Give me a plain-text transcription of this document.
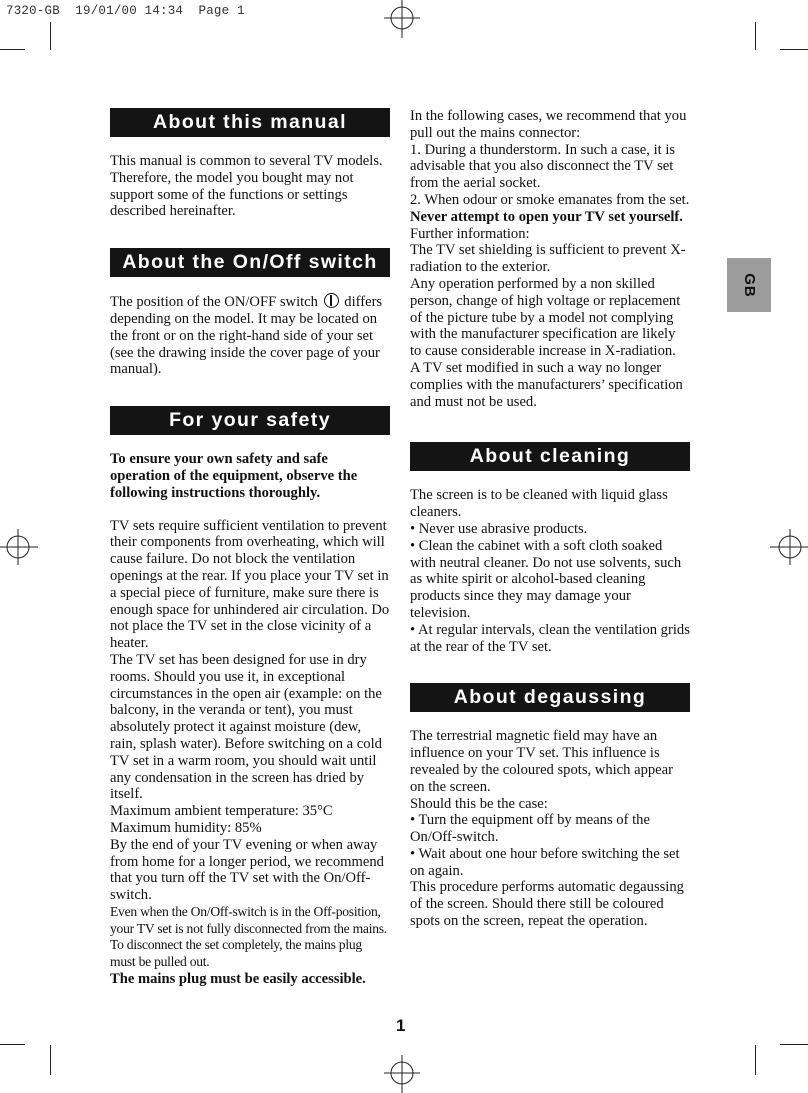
7320-GB  19/01/00 14:34  Page 1
GB
About this manual

This manual is common to several TV models. Therefore, the model you bought may not support some of the functions or settings described hereinafter.

About the On/Off switch

The position of the ON/OFF switch differs depending on the model. It may be located on the front or on the right-hand side of your set (see the drawing inside the cover page of your manual).

For your safety

To ensure your own safety and safe operation of the equipment, observe the following instructions thoroughly.

TV sets require sufficient ventilation to prevent their components from overheating, which will cause failure. Do not block the ventilation openings at the rear. If you place your TV set in a special piece of furniture, make sure there is enough space for unhindered air circulation. Do not place the TV set in the close vicinity of a heater.

The TV set has been designed for use in dry rooms. Should you use it, in exceptional circumstances in the open air (example: on the balcony, in the veranda or tent), you must absolutely protect it against moisture (dew, rain, splash water). Before switching on a cold TV set in a warm room, you should wait until any condensation in the screen has dried by itself.

Maximum ambient temperature: 35°C

Maximum humidity: 85%

By the end of your TV evening or when away from home for a longer period, we recommend that you turn off the TV set with the On/Off-switch.

Even when the On/Off-switch is in the Off-position, your TV set is not fully disconnected from the mains. To disconnect the set completely, the mains plug must be pulled out.

The mains plug must be easily accessible.

In the following cases, we recommend that you pull out the mains connector:

1. During a thunderstorm. In such a case, it is advisable that you also disconnect the TV set from the aerial socket.

2. When odour or smoke emanates from the set.

Never attempt to open your TV set yourself.

Further information:

The TV set shielding is sufficient to prevent X-radiation to the exterior.

Any operation performed by a non skilled person, change of high voltage or replacement of the picture tube by a model not complying with the manufacturer specification are likely to cause considerable increase in X-radiation.

A TV set modified in such a way no longer complies with the manufacturers’ specification and must not be used.

About cleaning

The screen is to be cleaned with liquid glass cleaners.

• Never use abrasive products.

• Clean the cabinet with a soft cloth soaked with neutral cleaner. Do not use solvents, such as white spirit or alcohol-based cleaning products since they may damage your television.

• At regular intervals, clean the ventilation grids at the rear of the TV set.

About degaussing

The terrestrial magnetic field may have an influence on your TV set. This influence is revealed by the coloured spots, which appear on the screen.

Should this be the case:

• Turn the equipment off by means of the On/Off-switch.

• Wait about one hour before switching the set on again.

This procedure performs automatic degaussing of the screen. Should there still be coloured spots on the screen, repeat the operation.

1
